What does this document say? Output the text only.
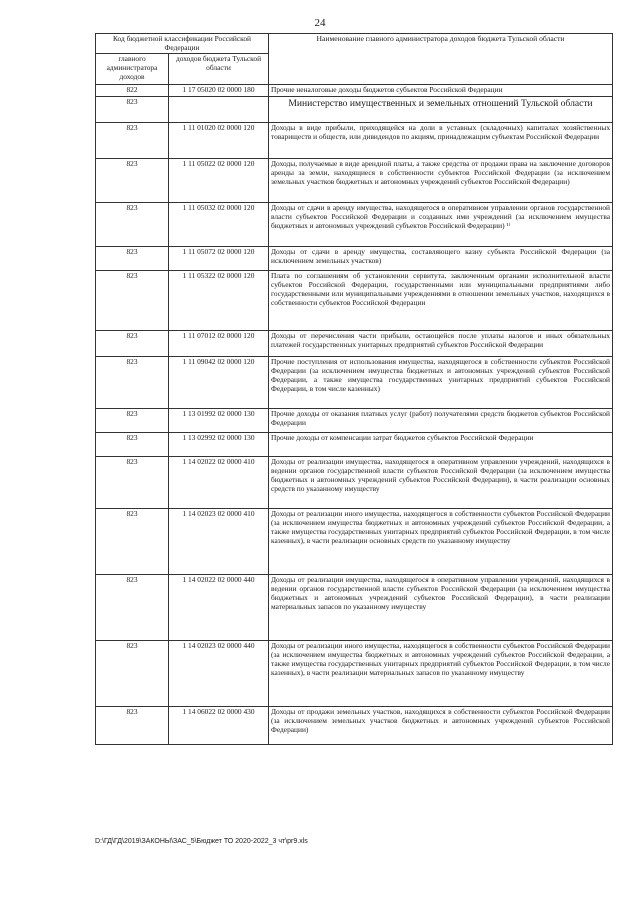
24
Код бюджетной классификации Российской Федерации		Наименование главного администратора доходов бюджета Тульской области
главного администратора доходов	доходов бюджета Тульской области	
822	1 17 05020 02 0000 180	Прочие неналоговые доходы бюджетов субъектов Российской Федерации
823		Министерство имущественных и земельных отношений Тульской области
823	1 11 01020 02 0000 120	Доходы в виде прибыли, приходящейся на доли в уставных (складочных) капиталах хозяйственных товариществ и обществ, или дивидендов по акциям, принадлежащим субъектам Российской Федерации
823	1 11 05022 02 0000 120	Доходы, получаемые в виде арендной платы, а также средства от продажи права на заключение договоров аренды за земли, находящиеся в собственности субъектов Российской Федерации (за исключением земельных участков бюджетных и автономных учреждений субъектов Российской Федерации)
823	1 11 05032 02 0000 120	Доходы от сдачи в аренду имущества, находящегося в оперативном управлении органов государственной власти субъектов Российской Федерации и созданных ими учреждений (за исключением имущества бюджетных и автономных учреждений субъектов Российской Федерации) ¹⁾
823	1 11 05072 02 0000 120	Доходы от сдачи в аренду имущества, составляющего казну субъекта Российской Федерации (за исключением земельных участков)
823	1 11 05322 02 0000 120	Плата по соглашениям об установлении сервитута, заключенным органами исполнительной власти субъектов Российской Федерации, государственными или муниципальными предприятиями либо государственными или муниципальными учреждениями в отношении земельных участков, находящихся в собственности субъектов Российской Федерации
823	1 11 07012 02 0000 120	Доходы от перечисления части прибыли, остающейся после уплаты налогов и иных обязательных платежей государственных унитарных предприятий субъектов Российской Федерации
823	1 11 09042 02 0000 120	Прочие поступления от использования имущества, находящегося в собственности субъектов Российской Федерации (за исключением имущества бюджетных и автономных учреждений субъектов Российской Федерации, а также имущества государственных унитарных предприятий субъектов Российской Федерации, в том числе казенных)
823	1 13 01992 02 0000 130	Прочие доходы от оказания платных услуг (работ) получателями средств бюджетов субъектов Российской Федерации
823	1 13 02992 02 0000 130	Прочие доходы от компенсации затрат бюджетов субъектов Российской Федерации
823	1 14 02022 02 0000 410	Доходы от реализации имущества, находящегося в оперативном управлении учреждений, находящихся в ведении органов государственной власти субъектов Российской Федерации (за исключением имущества бюджетных и автономных учреждений субъектов Российской Федерации), в части реализации основных средств по указанному имуществу
823	1 14 02023 02 0000 410	Доходы от реализации иного имущества, находящегося в собственности субъектов Российской Федерации (за исключением имущества бюджетных и автономных учреждений субъектов Российской Федерации, а также имущества государственных унитарных предприятий субъектов Российской Федерации, в том числе казенных), в части реализации основных средств по указанному имуществу
823	1 14 02022 02 0000 440	Доходы от реализации имущества, находящегося в оперативном управлении учреждений, находящихся в ведении органов государственной власти субъектов Российской Федерации (за исключением имущества бюджетных и автономных учреждений субъектов Российской Федерации), в части реализации материальных запасов по указанному имуществу
823	1 14 02023 02 0000 440	Доходы от реализации иного имущества, находящегося в собственности субъектов Российской Федерации (за исключением имущества бюджетных и автономных учреждений субъектов Российской Федерации, а также имущества государственных унитарных предприятий субъектов Российской Федерации, в том числе казенных), в части реализации материальных запасов по указанному имуществу
823	1 14 06022 02 0000 430	Доходы от продажи земельных участков, находящихся в собственности субъектов Российской Федерации (за исключением земельных участков бюджетных и автономных учреждений субъектов Российской Федерации)
D:\ГД\ГД\2019\ЗАКОНЫ\ЗАС_5\Бюджет ТО 2020-2022_3 чт\pr9.xls
